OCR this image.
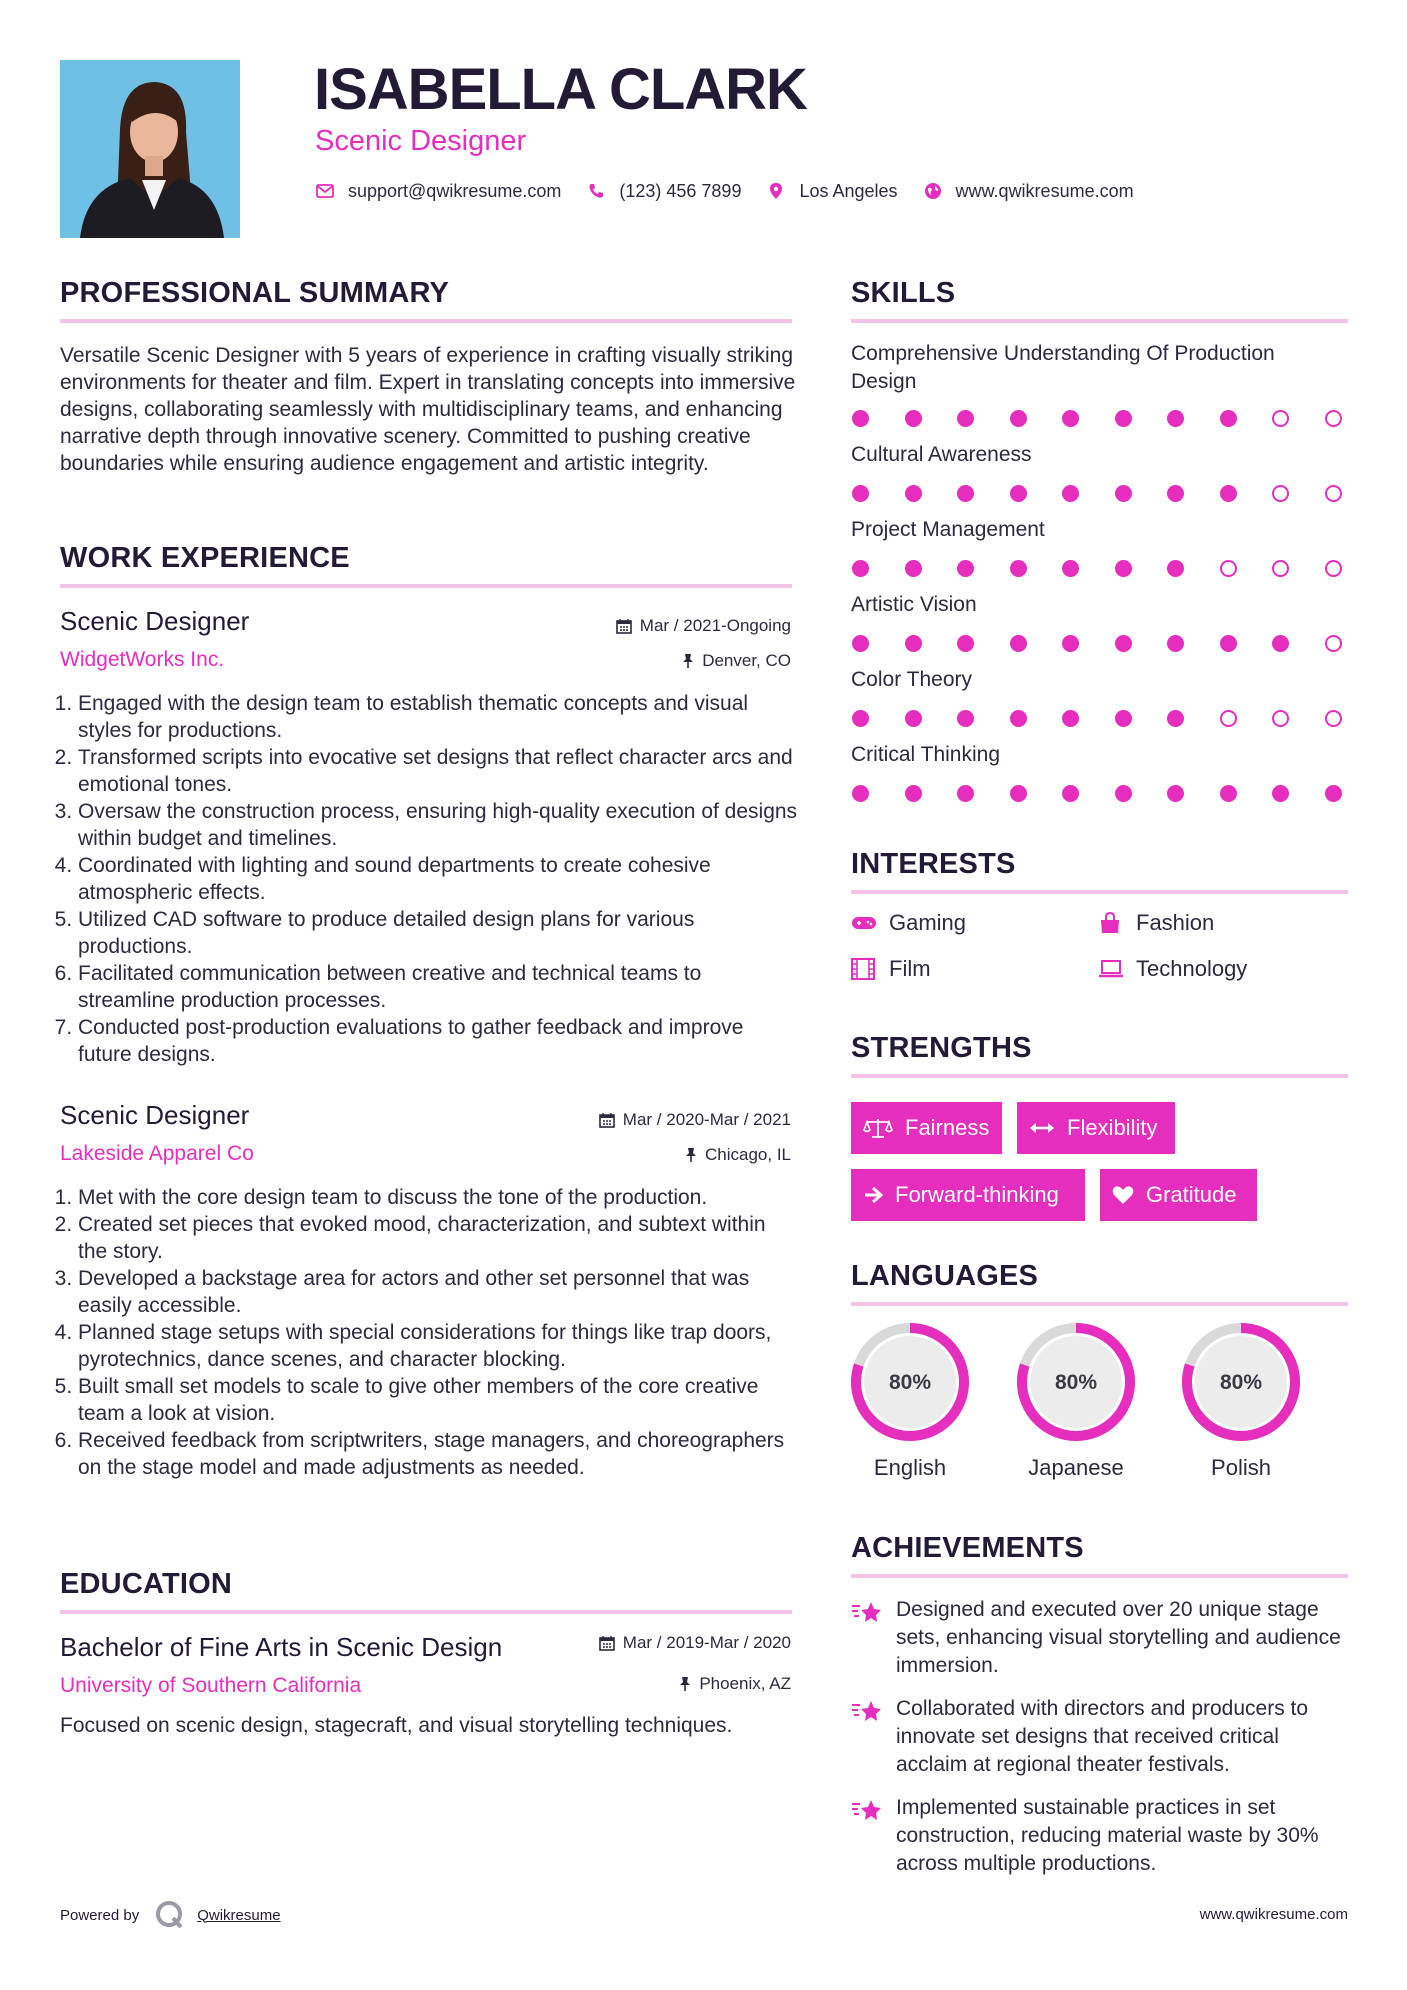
ISABELLA CLARK
Scenic Designer
support@qwikresume.com	(123) 456 7899	Los Angeles	www.qwikresume.com
PROFESSIONAL SUMMARY
Versatile Scenic Designer with 5 years of experience in crafting visually striking environments for theater and film. Expert in translating concepts into immersive designs, collaborating seamlessly with multidisciplinary teams, and enhancing narrative depth through innovative scenery. Committed to pushing creative boundaries while ensuring audience engagement and artistic integrity.
WORK EXPERIENCE
Scenic Designer
WidgetWorks Inc.
Mar / 2021-Ongoing
Denver, CO
1. Engaged with the design team to establish thematic concepts and visual styles for productions.
2. Transformed scripts into evocative set designs that reflect character arcs and emotional tones.
3. Oversaw the construction process, ensuring high-quality execution of designs within budget and timelines.
4. Coordinated with lighting and sound departments to create cohesive atmospheric effects.
5. Utilized CAD software to produce detailed design plans for various productions.
6. Facilitated communication between creative and technical teams to streamline production processes.
7. Conducted post-production evaluations to gather feedback and improve future designs.
Scenic Designer
Lakeside Apparel Co
Mar / 2020-Mar / 2021
Chicago, IL
1. Met with the core design team to discuss the tone of the production.
2. Created set pieces that evoked mood, characterization, and subtext within the story.
3. Developed a backstage area for actors and other set personnel that was easily accessible.
4. Planned stage setups with special considerations for things like trap doors, pyrotechnics, dance scenes, and character blocking.
5. Built small set models to scale to give other members of the core creative team a look at vision.
6. Received feedback from scriptwriters, stage managers, and choreographers on the stage model and made adjustments as needed.
EDUCATION
Bachelor of Fine Arts in Scenic Design
University of Southern California
Mar / 2019-Mar / 2020
Phoenix, AZ
Focused on scenic design, stagecraft, and visual storytelling techniques.
SKILLS
Comprehensive Understanding Of Production Design
Cultural Awareness
Project Management
Artistic Vision
Color Theory
Critical Thinking
INTERESTS
Gaming	Fashion
Film	Technology
STRENGTHS
Fairness	Flexibility
Forward-thinking	Gratitude
LANGUAGES
80%
English
80%
Japanese
80%
Polish
ACHIEVEMENTS
Designed and executed over 20 unique stage sets, enhancing visual storytelling and audience immersion.
Collaborated with directors and producers to innovate set designs that received critical acclaim at regional theater festivals.
Implemented sustainable practices in set construction, reducing material waste by 30% across multiple productions.
Powered by	Qwikresume	www.qwikresume.com
